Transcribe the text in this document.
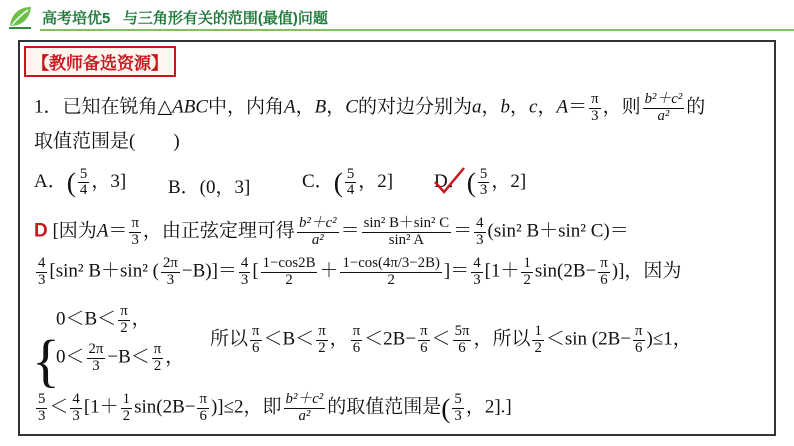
高考培优5   与三角形有关的范围(最值)问题
【教师备选资源】
1．已知在锐角△ABC中，内角A，B，C的对边分别为a，b，c，$A= \frac{\pi}{3}$ ，则 $\frac{\text{b²＋c²}}{\text{a²}}$ 的
取值范围是(　　)
A．( $\frac{5}{4}$ ，3] B．(0，3]	C．( $\frac{5}{4}$ ，2] D．( $\frac{5}{3}$ ，2]
D [因为$A= \frac{\pi}{3}$ ，由正弦定理可得 $\frac{\text{b²＋c²}}{\text{a²}} = \frac{\text{sin² B＋sin² C}}{\text{sin² A}} = \frac{4}{3} (\sin^2$ B＋sin² C)＝
$\frac{4}{3} [\sin^2$ B＋sin² ( $\frac{2\pi}{3} -B)]= \frac{4}{3}$ [ $\frac{1-\cos 2B}{2} + \frac{1-\cos(4\pi/3-2B)}{2}$ ]＝ $\frac{4}{3} [1+ \frac{1}{2} \sin(2B- \frac{\pi}{6}$ )]，因为
{
$0<B< \frac{\pi}{2}$ ，
$0< \frac{2\pi}{3} -B< \frac{\pi}{2}$ ，
所以 $\frac{\pi}{6} <B< \frac{\pi}{2}$ ， $\frac{\pi}{6} <2B- \frac{\pi}{6} < \frac{5\pi}{6}$ ，所以 $\frac{1}{2} <\sin$ $(2B- \frac{\pi}{6} )\le 1$，
$\frac{5}{3} < \frac{4}{3} [1+ \frac{1}{2} \sin(2B- \frac{\pi}{6} )]\le 2$，即 $\frac{\text{b²＋c²}}{\text{a²}}$ 的取值范围是( $\frac{5}{3}$ ，2].]
